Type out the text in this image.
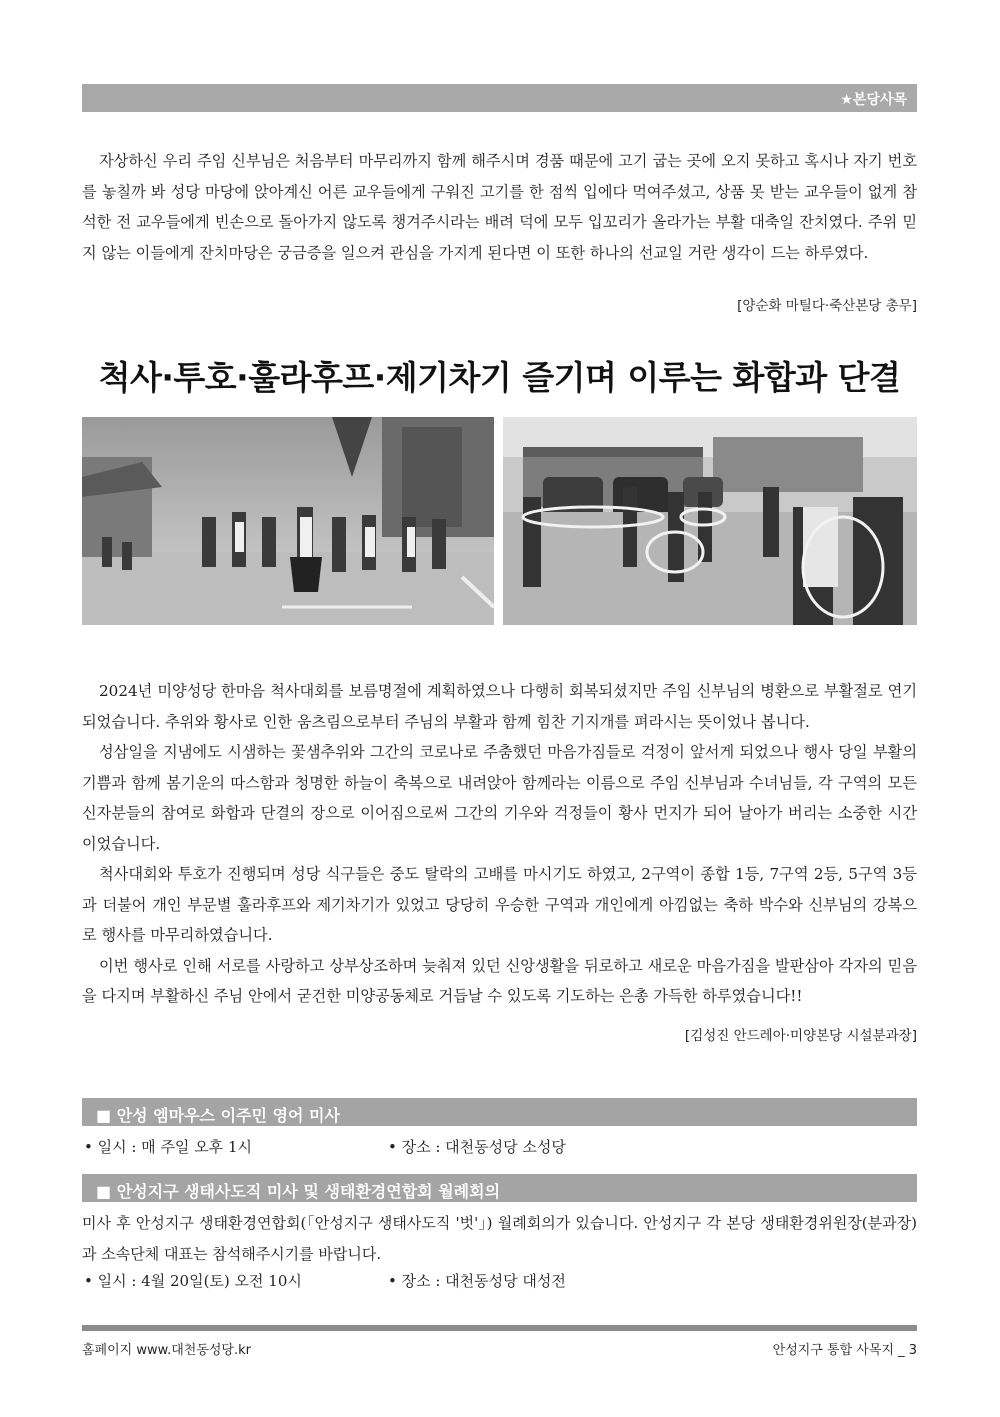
★본당사목

자상하신 우리 주임 신부님은 처음부터 마무리까지 함께 해주시며 경품 때문에 고기 굽는 곳에 오지 못하고 혹시나 자기 번호를 놓칠까 봐 성당 마당에 앉아계신 어른 교우들에게 구워진 고기를 한 점씩 입에다 먹여주셨고, 상품 못 받는 교우들이 없게 참석한 전 교우들에게 빈손으로 돌아가지 않도록 챙겨주시라는 배려 덕에 모두 입꼬리가 올라가는 부활 대축일 잔치였다. 주위 믿지 않는 이들에게 잔치마당은 궁금증을 일으켜 관심을 가지게 된다면 이 또한 하나의 선교일 거란 생각이 드는 하루였다.

[양순화 마틸다·죽산본당 총무]
척사·투호·훌라후프·제기차기 즐기며 이루는 화합과 단결

2024년 미양성당 한마음 척사대회를 보름명절에 계획하였으나 다행히 회복되셨지만 주임 신부님의 병환으로 부활절로 연기되었습니다. 추위와 황사로 인한 움츠림으로부터 주님의 부활과 함께 힘찬 기지개를 펴라시는 뜻이었나 봅니다.

성삼일을 지냄에도 시샘하는 꽃샘추위와 그간의 코로나로 주춤했던 마음가짐들로 걱정이 앞서게 되었으나 행사 당일 부활의 기쁨과 함께 봄기운의 따스함과 청명한 하늘이 축복으로 내려앉아 함께라는 이름으로 주임 신부님과 수녀님들, 각 구역의 모든 신자분들의 참여로 화합과 단결의 장으로 이어짐으로써 그간의 기우와 걱정들이 황사 먼지가 되어 날아가 버리는 소중한 시간이었습니다.

척사대회와 투호가 진행되며 성당 식구들은 중도 탈락의 고배를 마시기도 하였고, 2구역이 종합 1등, 7구역 2등, 5구역 3등과 더불어 개인 부문별 훌라후프와 제기차기가 있었고 당당히 우승한 구역과 개인에게 아낌없는 축하 박수와 신부님의 강복으로 행사를 마무리하였습니다.

이번 행사로 인해 서로를 사랑하고 상부상조하며 늦춰져 있던 신앙생활을 뒤로하고 새로운 마음가짐을 발판삼아 각자의 믿음을 다지며 부활하신 주님 안에서 굳건한 미양공동체로 거듭날 수 있도록 기도하는 은총 가득한 하루였습니다!!

[김성진 안드레아·미양본당 시설분과장]
■ 안성 엠마우스 이주민 영어 미사
• 일시 : 매 주일 오후 1시	• 장소 : 대천동성당 소성당
■ 안성지구 생태사도직 미사 및 생태환경연합회 월례회의

미사 후 안성지구 생태환경연합회(「안성지구 생태사도직 '벗'」) 월례회의가 있습니다. 안성지구 각 본당 생태환경위원장(분과장)과 소속단체 대표는 참석해주시기를 바랍니다.

• 일시 : 4월 20일(토) 오전 10시	• 장소 : 대천동성당 대성전
홈페이지 www.대천동성당.kr	안성지구 통합 사목지 _ 3
